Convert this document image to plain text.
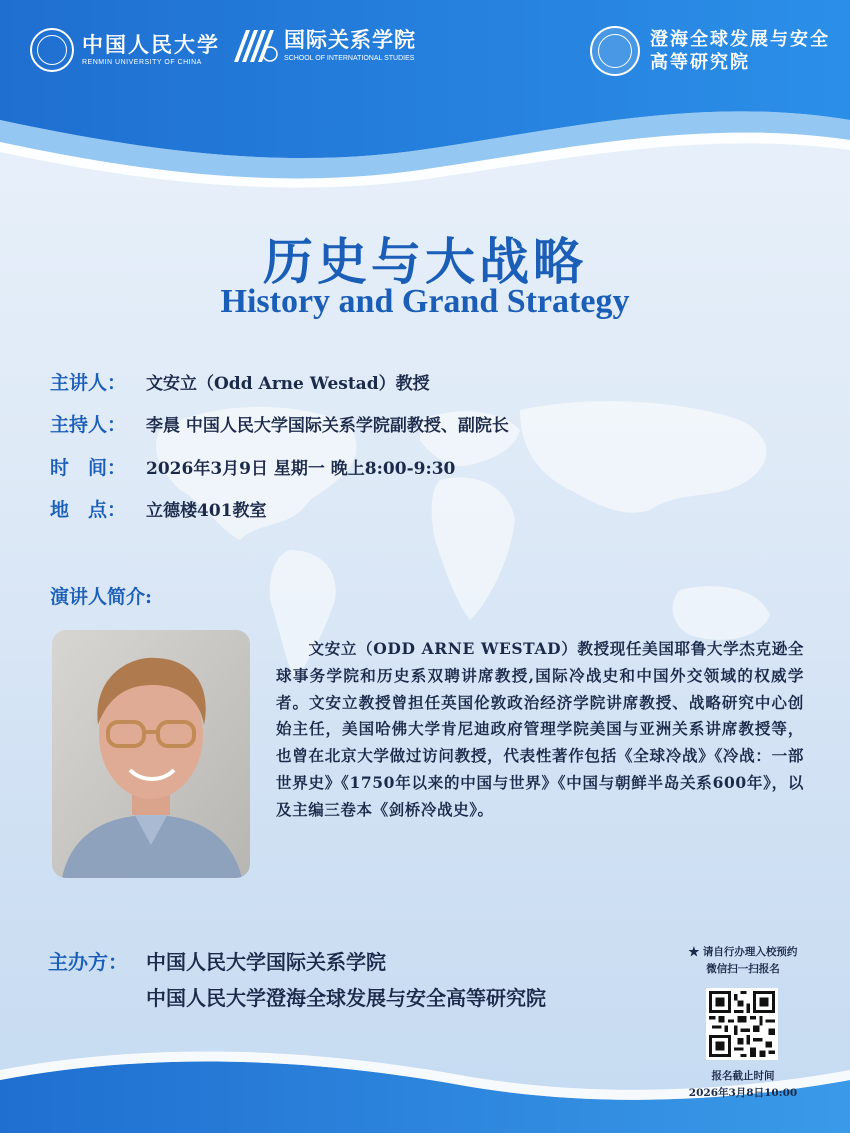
中国人民大学
RENMIN UNIVERSITY OF CHINA
国际关系学院
SCHOOL OF INTERNATIONAL STUDIES
澄海全球发展与安全
高等研究院
历史与大战略
History and Grand Strategy
主讲人：	文安立（Odd Arne Westad）教授
主持人：	李晨 中国人民大学国际关系学院副教授、副院长
时　间：	2026年3月9日 星期一 晚上8:00-9:30
地　点：	立德楼401教室
演讲人简介:
文安立（ODD ARNE WESTAD）教授现任美国耶鲁大学杰克逊全球事务学院和历史系双聘讲席教授,国际冷战史和中国外交领域的权威学者。文安立教授曾担任英国伦敦政治经济学院讲席教授、战略研究中心创始主任，美国哈佛大学肯尼迪政府管理学院美国与亚洲关系讲席教授等，也曾在北京大学做过访问教授，代表性著作包括《全球冷战》《冷战：一部世界史》《1750年以来的中国与世界》《中国与朝鲜半岛关系600年》，以及主编三卷本《剑桥冷战史》。
主办方： 中国人民大学国际关系学院
中国人民大学澄海全球发展与安全高等研究院
★ 请自行办理入校预约
微信扫一扫报名
报名截止时间
2026年3月8日10:00
